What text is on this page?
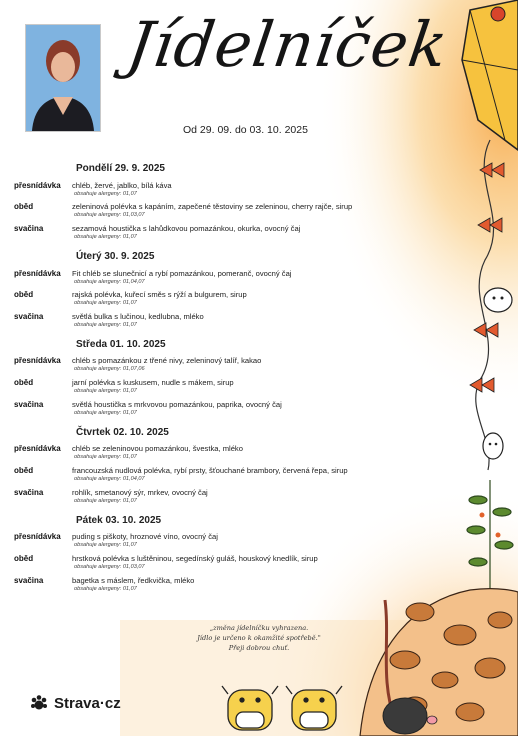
Jídelníček
Od 29. 09. do 03. 10. 2025
Pondělí 29. 9. 2025
přesnídávka chléb, žervé, jablko, bílá káva
obsahuje alergeny: 01,07
oběd	zeleninová polévka s kapáním, zapečené těstoviny se zeleninou, cherry rajče, sirup
obsahuje alergeny: 01,03,07
svačina	sezamová houstička s lahůdkovou pomazánkou, okurka, ovocný čaj
obsahuje alergeny: 01,07
Úterý 30. 9. 2025
přesnídávka Fit chléb se slunečnicí a rybí pomazánkou, pomeranč, ovocný čaj
obsahuje alergeny: 01,04,07
oběd	rajská polévka, kuřecí směs s rýží a bulgurem, sirup
obsahuje alergeny: 01,07
svačina	světlá bulka s lučinou, kedlubna, mléko
obsahuje alergeny: 01,07
Středa 01. 10. 2025
přesnídávka chléb s pomazánkou z třené nivy, zeleninový talíř, kakao
obsahuje alergeny: 01,07,06
oběd	jarní polévka s kuskusem, nudle s mákem, sirup
obsahuje alergeny: 01,07
svačina	světlá houstička s mrkvovou pomazánkou, paprika, ovocný čaj
obsahuje alergeny: 01,07
Čtvrtek 02. 10. 2025
přesnídávka chléb se zeleninovou pomazánkou, švestka, mléko
obsahuje alergeny: 01,07
oběd	francouzská nudlová polévka, rybí prsty, šťouchané brambory, červená řepa, sirup
obsahuje alergeny: 01,04,07
svačina	rohlík, smetanový sýr, mrkev, ovocný čaj
obsahuje alergeny: 01,07
Pátek 03. 10. 2025
přesnídávka puding s piškoty, hroznové víno, ovocný čaj
obsahuje alergeny: 01,07
oběd	hrstková polévka s luštěninou, segedínský guláš, houskový knedlík, sirup
obsahuje alergeny: 01,03,07
svačina	bagetka s máslem, ředkvička, mléko
obsahuje alergeny: 01,07
„změna jídelníčku vyhrazena.
Jídlo je určeno k okamžité spotřebě."
Přeji dobrou chuť.
Strava·cz
